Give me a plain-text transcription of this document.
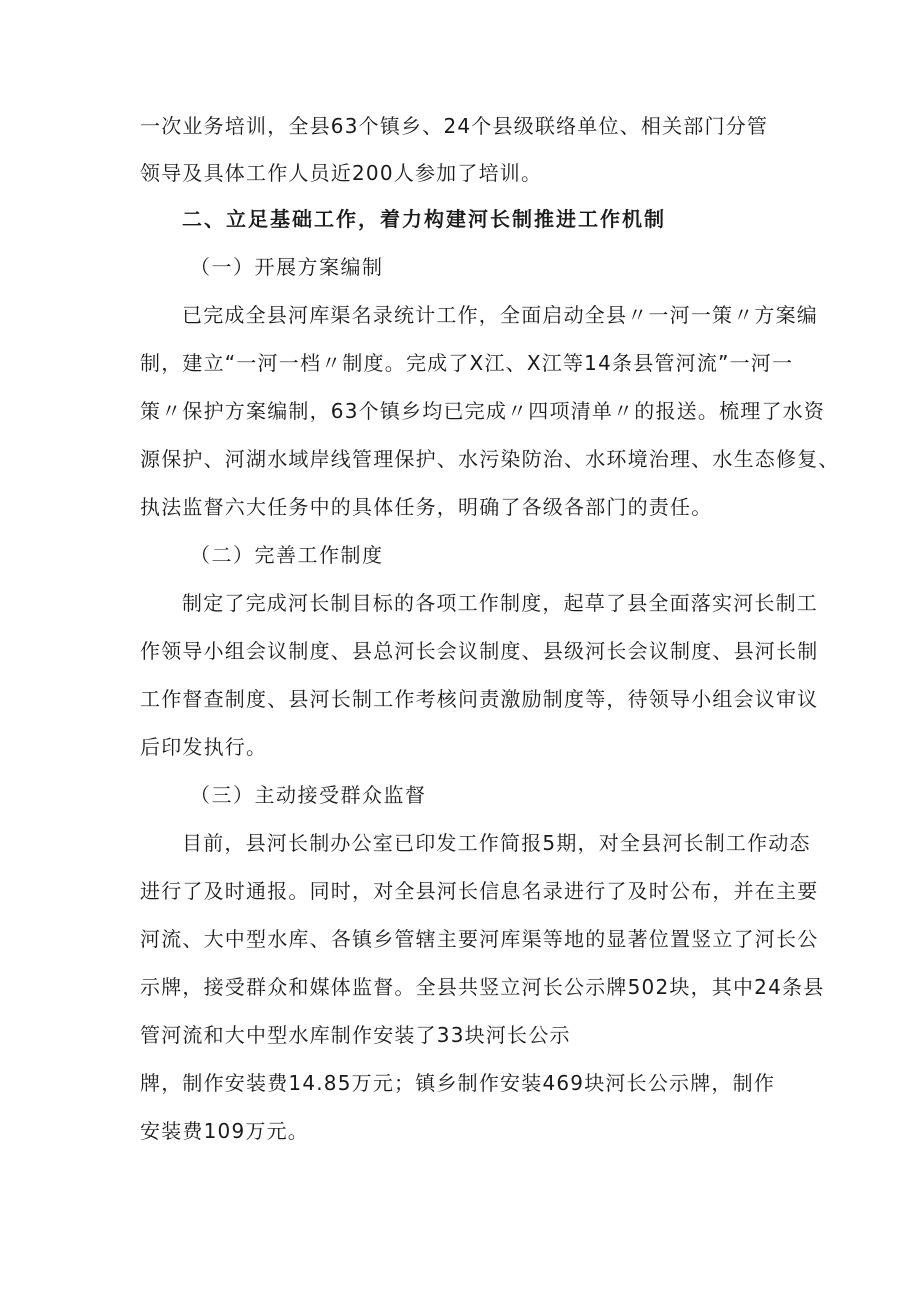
一次业务培训，全县63个镇乡、24个县级联络单位、相关部门分管
领导及具体工作人员近200人参加了培训。
二、立足基础工作，着力构建河长制推进工作机制
（一）开展方案编制
已完成全县河库渠名录统计工作，全面启动全县〃一河一策〃方案编
制，建立“一河一档〃制度。完成了X江、X江等14条县管河流”一河一
策〃保护方案编制，63个镇乡均已完成〃四项清单〃的报送。梳理了水资
源保护、河湖水域岸线管理保护、水污染防治、水环境治理、水生态修复、
执法监督六大任务中的具体任务，明确了各级各部门的责任。
（二）完善工作制度
制定了完成河长制目标的各项工作制度，起草了县全面落实河长制工
作领导小组会议制度、县总河长会议制度、县级河长会议制度、县河长制
工作督查制度、县河长制工作考核问责激励制度等，待领导小组会议审议
后印发执行。
（三）主动接受群众监督
目前，县河长制办公室已印发工作简报5期，对全县河长制工作动态
进行了及时通报。同时，对全县河长信息名录进行了及时公布，并在主要
河流、大中型水库、各镇乡管辖主要河库渠等地的显著位置竖立了河长公
示牌，接受群众和媒体监督。全县共竖立河长公示牌502块，其中24条县
管河流和大中型水库制作安装了33块河长公示
牌，制作安装费14.85万元；镇乡制作安装469块河长公示牌，制作
安装费109万元。
